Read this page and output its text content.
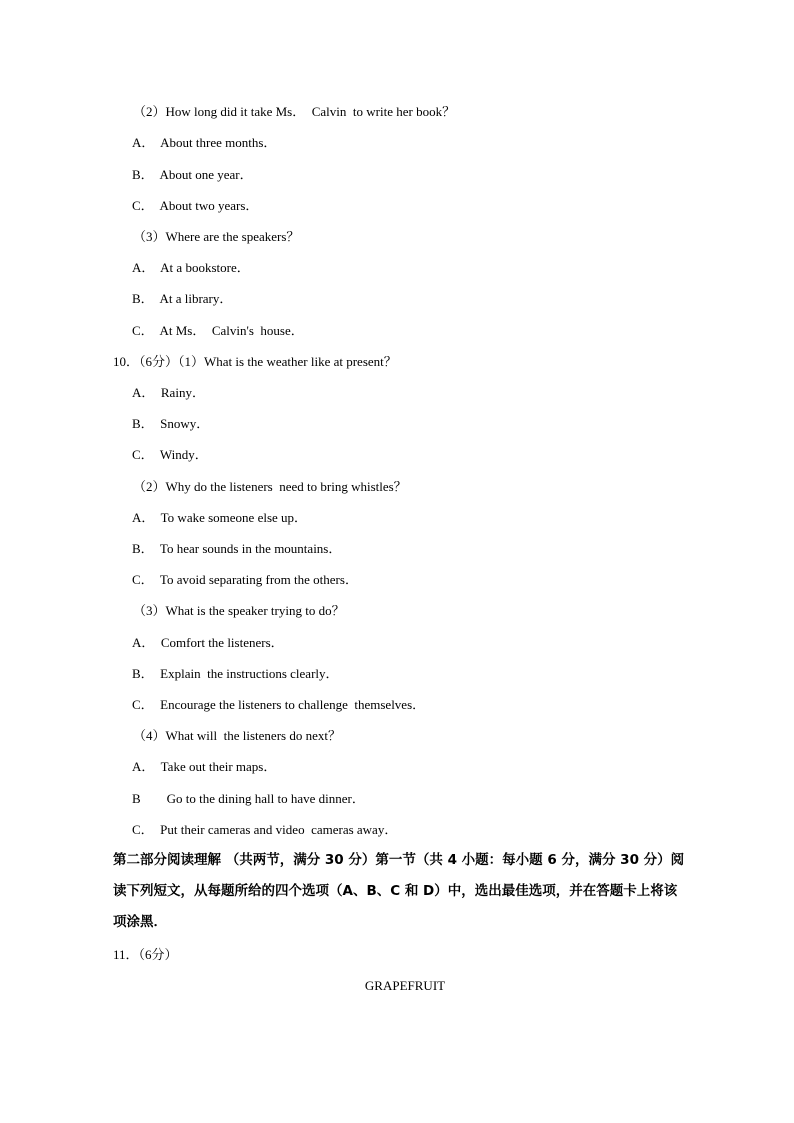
（2）How long did it take Ms．  Calvin  to write her book？
A．  About three months．
B．  About one year．
C．  About two years．
（3）Where are the speakers？
A．  At a bookstore．
B．  At a library．
C．  At Ms．  Calvin's  house．
10．（6分）（1）What is the weather like at present？
A．  Rainy．
B．  Snowy．
C．  Windy．
（2）Why do the listeners  need to bring whistles？
A．  To wake someone else up．
B．  To hear sounds in the mountains．
C．  To avoid separating from the others．
（3）What is the speaker trying to do？
A．  Comfort the listeners．
B．  Explain  the instructions clearly．
C．  Encourage the listeners to challenge  themselves．
（4）What will  the listeners do next？
A．  Take out their maps．
B        Go to the dining hall to have dinner．
C．  Put their cameras and video  cameras away．
第二部分阅读理解 （共两节，满分 30 分）第一节（共 4 小题：每小题 6 分，满分 30 分）阅读下列短文，从每题所给的四个选项（A、B、C 和 D）中，选出最佳选项，并在答题卡上将该项涂黑．
11．（6分）
GRAPEFRUIT
